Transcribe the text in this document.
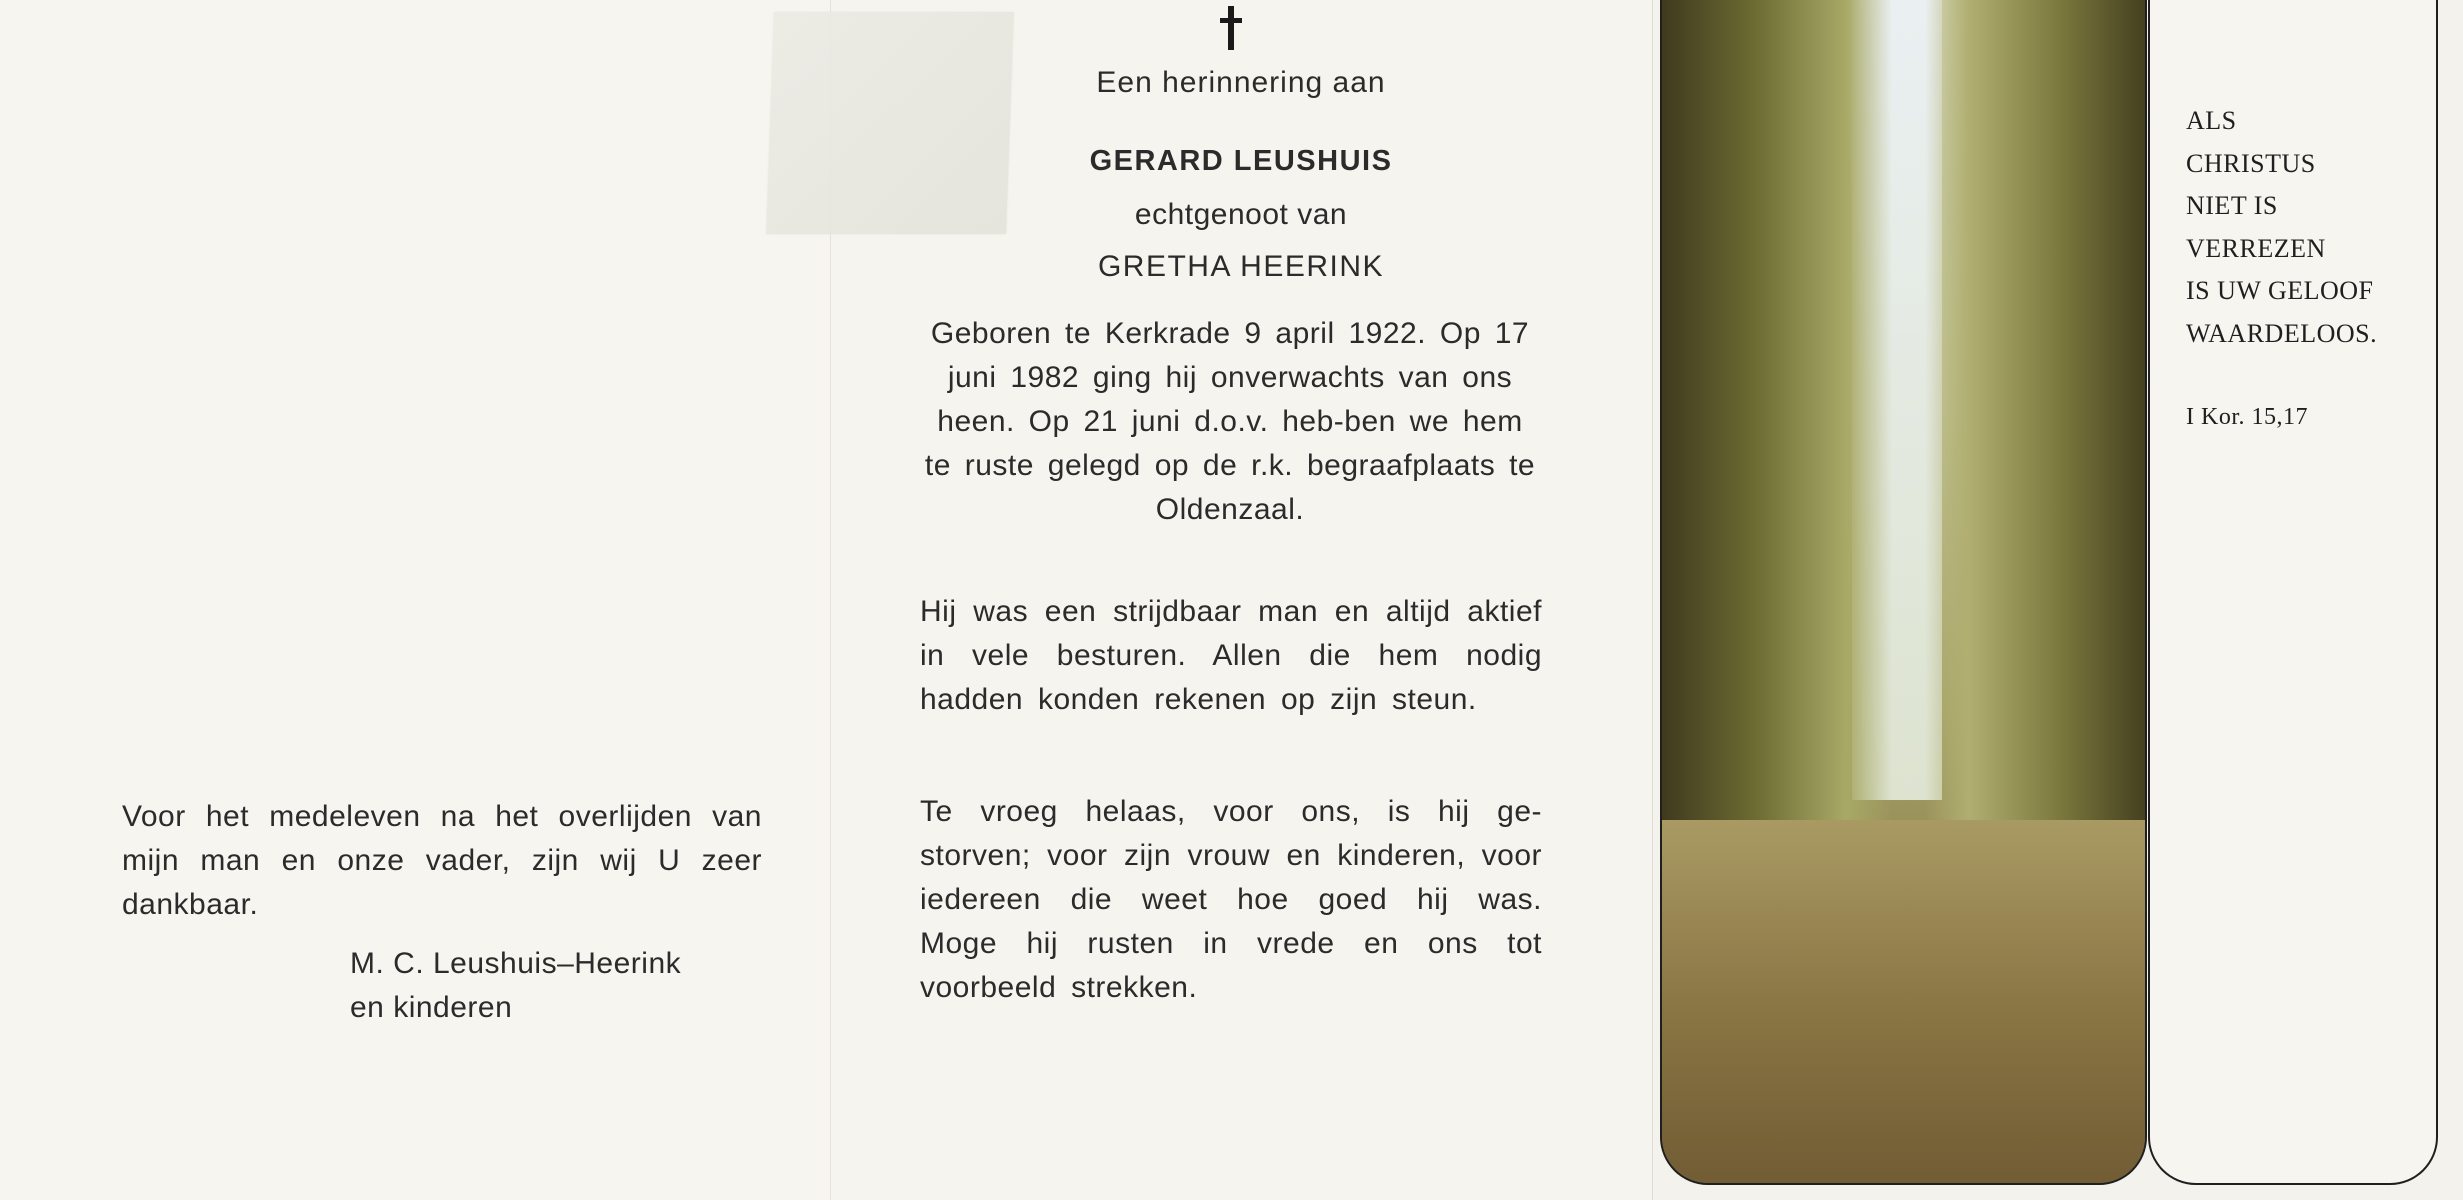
Voor het medeleven na het overlijden van mijn man en onze vader, zijn wij U zeer dankbaar.
M. C. Leushuis–Heerink
en kinderen
Een herinnering aan
GERARD LEUSHUIS
echtgenoot van
GRETHA HEERINK
Geboren te Kerkrade 9 april 1922. Op 17 juni 1982 ging hij onverwachts van ons heen. Op 21 juni d.o.v. heb-ben we hem te ruste gelegd op de r.k. begraafplaats te Oldenzaal.
Hij was een strijdbaar man en altijd aktief in vele besturen. Allen die hem nodig hadden konden rekenen op zijn steun.
Te vroeg helaas, voor ons, is hij ge-storven; voor zijn vrouw en kinderen, voor iedereen die weet hoe goed hij was. Moge hij rusten in vrede en ons tot voorbeeld strekken.
ALS
CHRISTUS
NIET IS
VERREZEN
IS UW GELOOF
WAARDELOOS.
I Kor. 15,17
